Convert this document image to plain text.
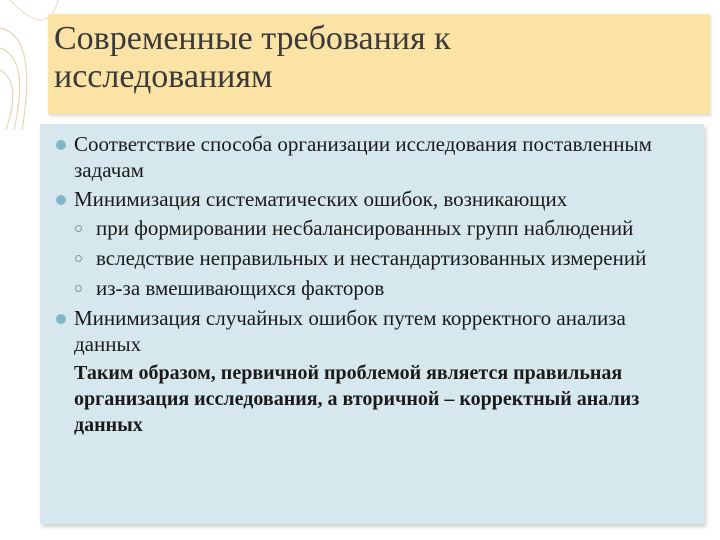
Современные требования к
исследованиям
Соответствие способа организации исследования поставленным задачам
Минимизация систематических ошибок, возникающих
при формировании несбалансированных групп наблюдений
вследствие неправильных и нестандартизованных измерений
из-за вмешивающихся факторов
Минимизация случайных ошибок путем корректного анализа данных
Таким образом, первичной проблемой является правильная организация исследования, а вторичной – корректный анализ данных
